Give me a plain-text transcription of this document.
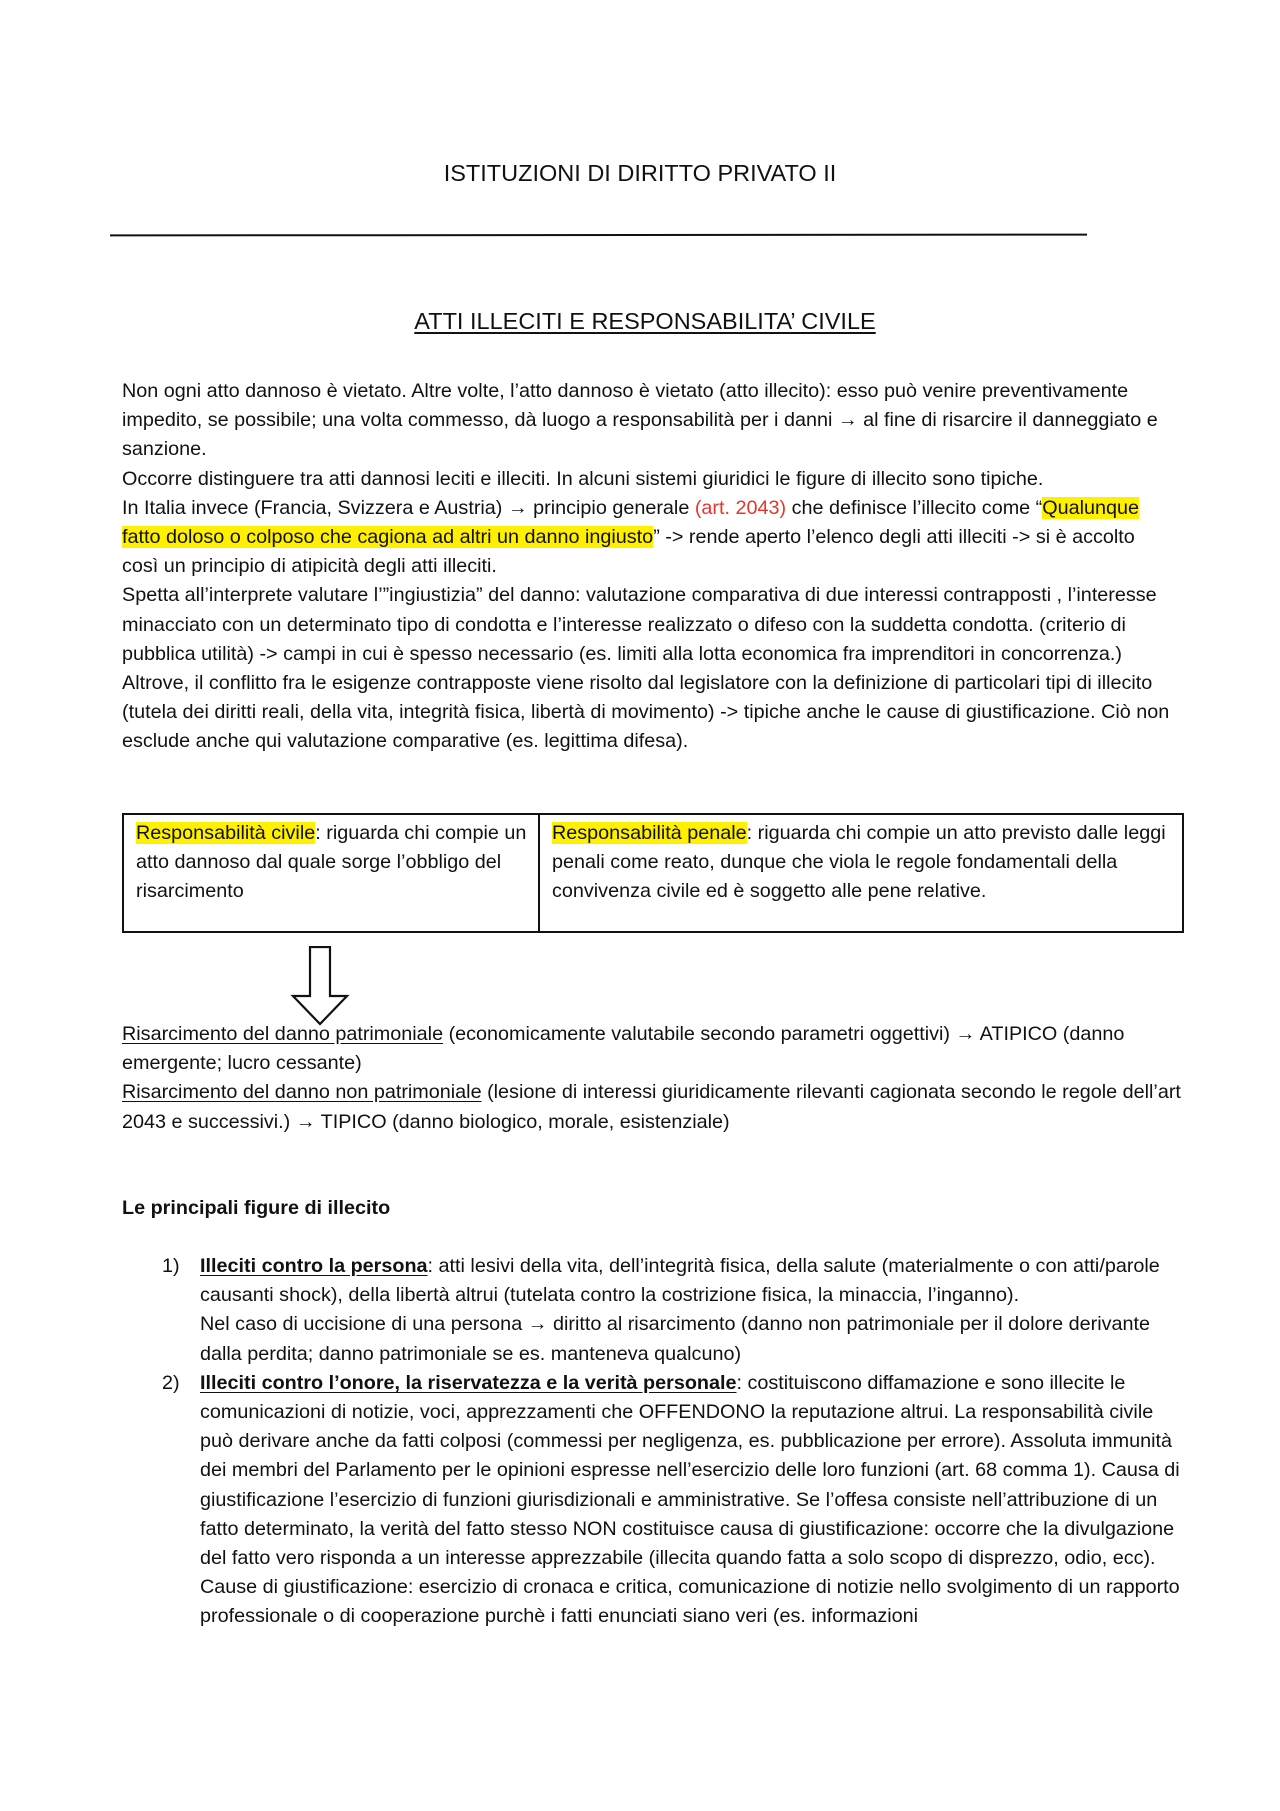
ISTITUZIONI DI DIRITTO PRIVATO II
ATTI ILLECITI E RESPONSABILITA’ CIVILE

Non ogni atto dannoso è vietato. Altre volte, l’atto dannoso è vietato (atto illecito): esso può venire preventivamente impedito, se possibile; una volta commesso, dà luogo a responsabilità per i danni → al fine di risarcire il danneggiato e sanzione.

Occorre distinguere tra atti dannosi leciti e illeciti. In alcuni sistemi giuridici le figure di illecito sono tipiche.

In Italia invece (Francia, Svizzera e Austria) → principio generale (art. 2043) che definisce l’illecito come “Qualunque fatto doloso o colposo che cagiona ad altri un danno ingiusto” -> rende aperto l’elenco degli atti illeciti -> si è accolto così un principio di atipicità degli atti illeciti.

Spetta all’interprete valutare l’”ingiustizia” del danno: valutazione comparativa di due interessi contrapposti , l’interesse minacciato con un determinato tipo di condotta e l’interesse realizzato o difeso con la suddetta condotta. (criterio di pubblica utilità) -> campi in cui è spesso necessario (es. limiti alla lotta economica fra imprenditori in concorrenza.)

Altrove, il conflitto fra le esigenze contrapposte viene risolto dal legislatore con la definizione di particolari tipi di illecito (tutela dei diritti reali, della vita, integrità fisica, libertà di movimento) -> tipiche anche le cause di giustificazione. Ciò non esclude anche qui valutazione comparative (es. legittima difesa).

Responsabilità civile: riguarda chi compie un atto dannoso dal quale sorge l’obbligo del risarcimento	Responsabilità penale: riguarda chi compie un atto previsto dalle leggi penali come reato, dunque che viola le regole fondamentali della convivenza civile ed è soggetto alle pene relative.

Risarcimento del danno patrimoniale (economicamente valutabile secondo parametri oggettivi) → ATIPICO (danno emergente; lucro cessante)

Risarcimento del danno non patrimoniale (lesione di interessi giuridicamente rilevanti cagionata secondo le regole dell’art 2043 e successivi.) → TIPICO (danno biologico, morale, esistenziale)

Le principali figure di illecito
1) Illeciti contro la persona: atti lesivi della vita, dell’integrità fisica, della salute (materialmente o con atti/parole causanti shock), della libertà altrui (tutelata contro la costrizione fisica, la minaccia, l’inganno).

Nel caso di uccisione di una persona → diritto al risarcimento (danno non patrimoniale per il dolore derivante dalla perdita; danno patrimoniale se es. manteneva qualcuno)

2) Illeciti contro l’onore, la riservatezza e la verità personale: costituiscono diffamazione e sono illecite le comunicazioni di notizie, voci, apprezzamenti che OFFENDONO la reputazione altrui. La responsabilità civile può derivare anche da fatti colposi (commessi per negligenza, es. pubblicazione per errore). Assoluta immunità dei membri del Parlamento per le opinioni espresse nell’esercizio delle loro funzioni (art. 68 comma 1). Causa di giustificazione l’esercizio di funzioni giurisdizionali e amministrative. Se l’offesa consiste nell’attribuzione di un fatto determinato, la verità del fatto stesso NON costituisce causa di giustificazione: occorre che la divulgazione del fatto vero risponda a un interesse apprezzabile (illecita quando fatta a solo scopo di disprezzo, odio, ecc). Cause di giustificazione: esercizio di cronaca e critica, comunicazione di notizie nello svolgimento di un rapporto professionale o di cooperazione purchè i fatti enunciati siano veri (es. informazioni
